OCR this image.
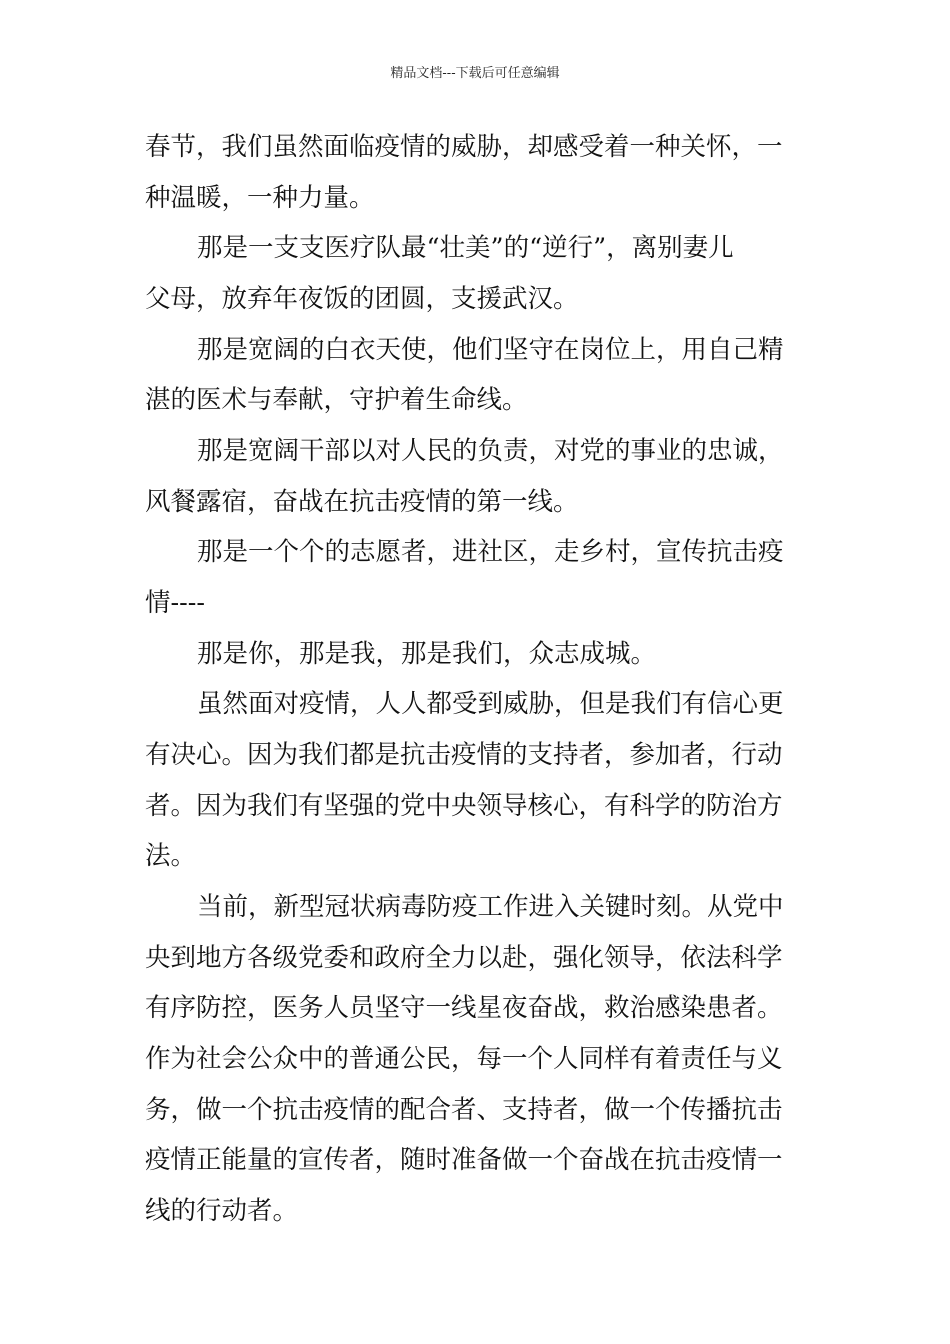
精品文档---下载后可任意编辑
春节，我们虽然面临疫情的威胁，却感受着一种关怀，一
种温暖，一种力量。
那是一支支医疗队最“壮美”的“逆行”，离别妻儿
父母，放弃年夜饭的团圆，支援武汉。
那是宽阔的白衣天使，他们坚守在岗位上，用自己精
湛的医术与奉献，守护着生命线。
那是宽阔干部以对人民的负责，对党的事业的忠诚，
风餐露宿，奋战在抗击疫情的第一线。
那是一个个的志愿者，进社区，走乡村，宣传抗击疫
情----
那是你，那是我，那是我们，众志成城。
虽然面对疫情，人人都受到威胁，但是我们有信心更
有决心。因为我们都是抗击疫情的支持者，参加者，行动
者。因为我们有坚强的党中央领导核心，有科学的防治方
法。
当前，新型冠状病毒防疫工作进入关键时刻。从党中
央到地方各级党委和政府全力以赴，强化领导，依法科学
有序防控，医务人员坚守一线星夜奋战，救治感染患者。
作为社会公众中的普通公民，每一个人同样有着责任与义
务，做一个抗击疫情的配合者、支持者，做一个传播抗击
疫情正能量的宣传者，随时准备做一个奋战在抗击疫情一
线的行动者。
